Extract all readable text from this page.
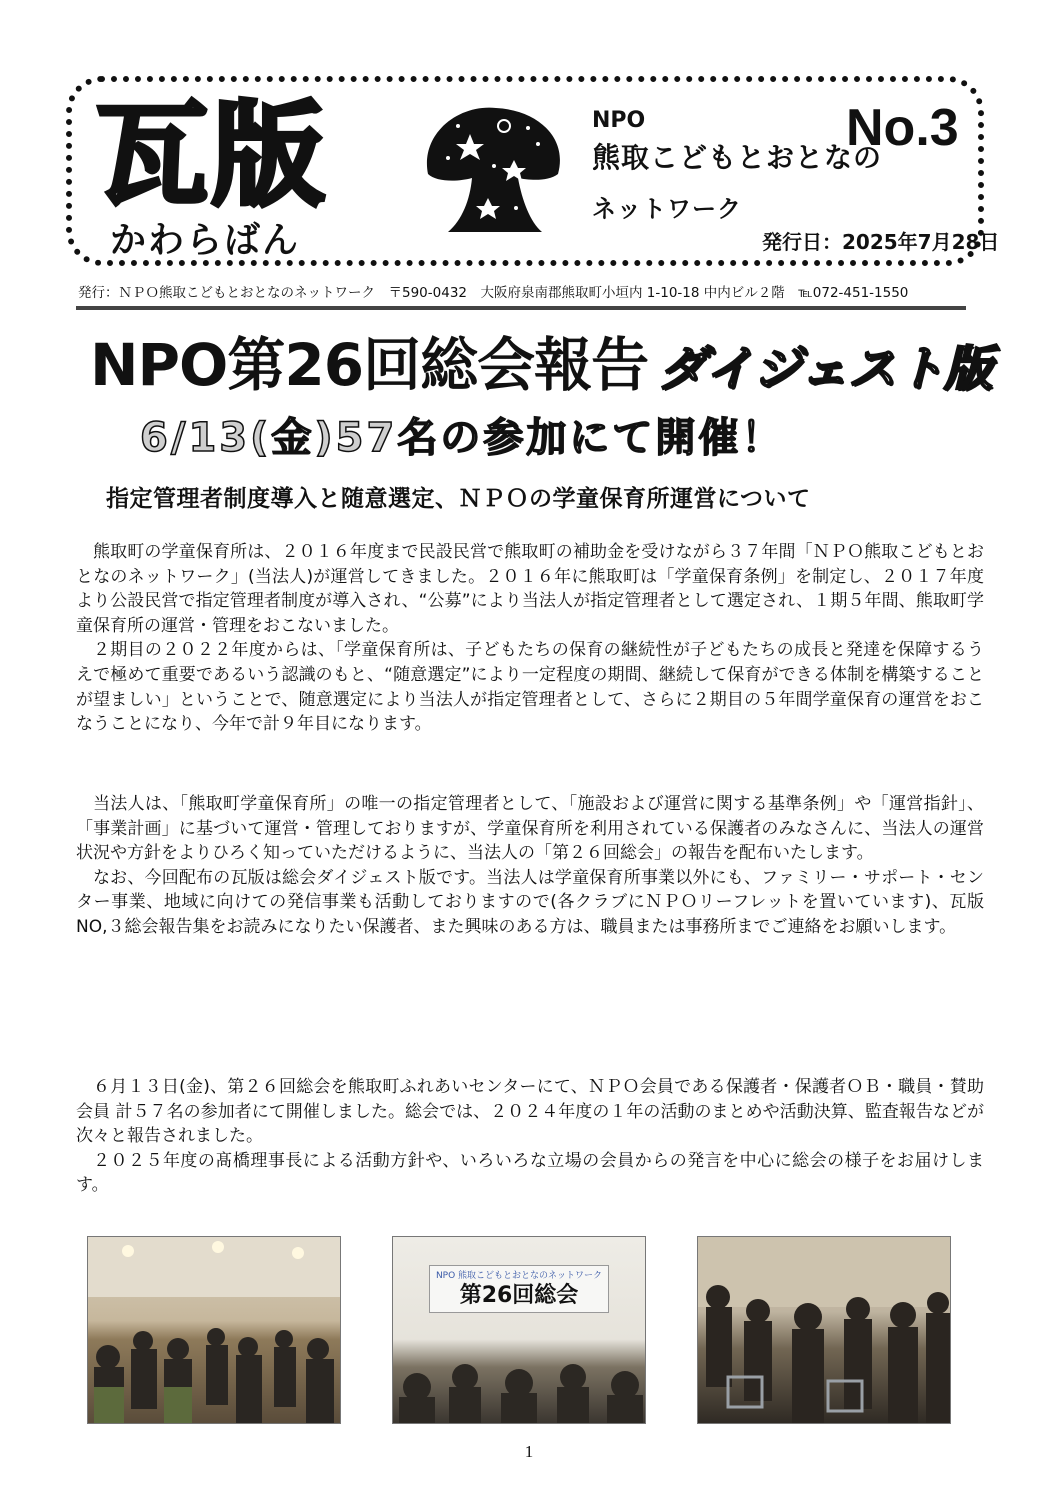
瓦版
かわらばん
NPO
熊取こどもとおとなの
ネットワーク
No.3
発行日：2025年7月28日
発行：ＮＰＯ熊取こどもとおとなのネットワーク　〒590-0432　大阪府泉南郡熊取町小垣内 1-10-18 中内ビル２階　℡072-451-1550
NPO第26回総会報告 ダイジェスト版
6/13(金)57名の参加にて開催！
指定管理者制度導入と随意選定、ＮＰＯの学童保育所運営について

熊取町の学童保育所は、２０１６年度まで民設民営で熊取町の補助金を受けながら３７年間「ＮＰＯ熊取こどもとおとなのネットワーク」(当法人)が運営してきました。２０１６年に熊取町は「学童保育条例」を制定し、２０１７年度より公設民営で指定管理者制度が導入され、“公募”により当法人が指定管理者として選定され、１期５年間、熊取町学童保育所の運営・管理をおこないました。

２期目の２０２２年度からは、「学童保育所は、子どもたちの保育の継続性が子どもたちの成長と発達を保障するうえで極めて重要であるいう認識のもと、“随意選定”により一定程度の期間、継続して保育ができる体制を構築することが望ましい」ということで、随意選定により当法人が指定管理者として、さらに２期目の５年間学童保育の運営をおこなうことになり、今年で計９年目になります。

当法人は、「熊取町学童保育所」の唯一の指定管理者として、「施設および運営に関する基準条例」や「運営指針」、「事業計画」に基づいて運営・管理しておりますが、学童保育所を利用されている保護者のみなさんに、当法人の運営状況や方針をよりひろく知っていただけるように、当法人の「第２６回総会」の報告を配布いたします。

なお、今回配布の瓦版は総会ダイジェスト版です。当法人は学童保育所事業以外にも、ファミリー・サポート・センター事業、地域に向けての発信事業も活動しておりますので(各クラブにＮＰＯリーフレットを置いています)、瓦版 NO,３総会報告集をお読みになりたい保護者、また興味のある方は、職員または事務所までご連絡をお願いします。

６月１３日(金)、第２６回総会を熊取町ふれあいセンターにて、ＮＰＯ会員である保護者・保護者ＯＢ・職員・賛助会員 計５７名の参加者にて開催しました。総会では、２０２４年度の１年の活動のまとめや活動決算、監査報告などが次々と報告されました。

２０２５年度の髙橋理事長による活動方針や、いろいろな立場の会員からの発言を中心に総会の様子をお届けします。

NPO 熊取こどもとおとなのネットワーク
第26回総会
1
